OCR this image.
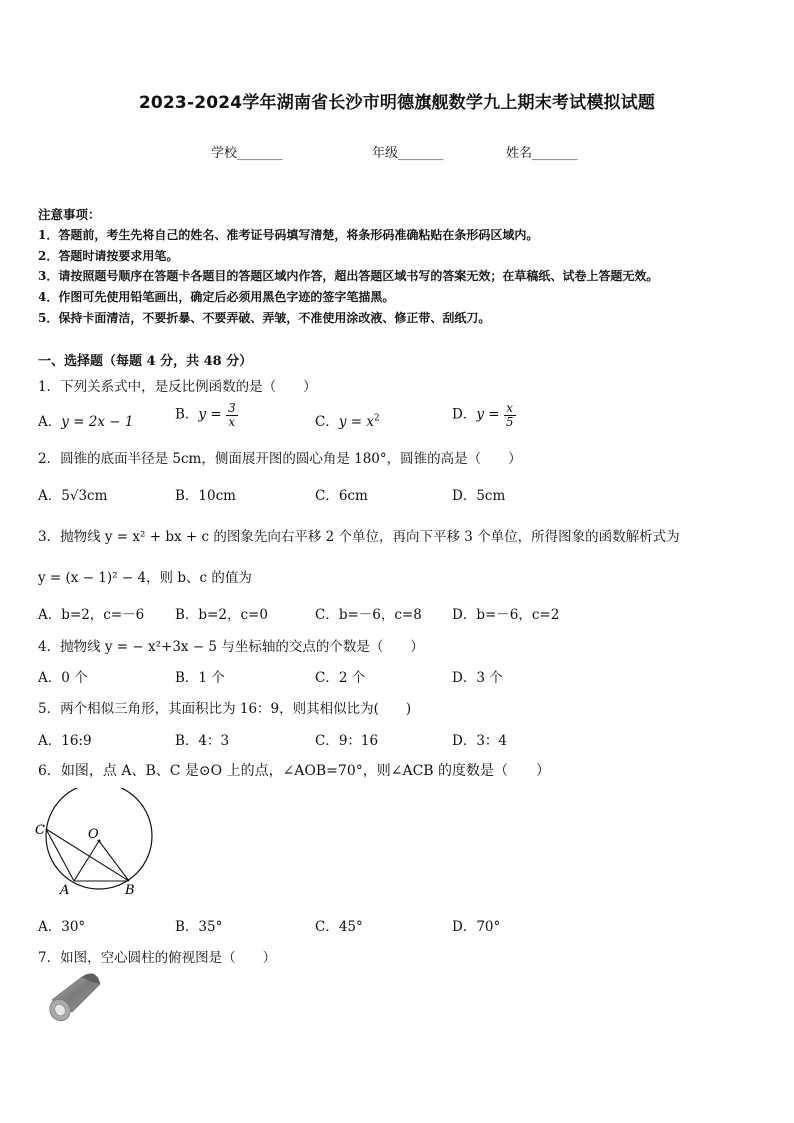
2023-2024学年湖南省长沙市明德旗舰数学九上期末考试模拟试题
学校_______	年级_______	姓名_______
注意事项：
1．答题前，考生先将自己的姓名、准考证号码填写清楚，将条形码准确粘贴在条形码区域内。
2．答题时请按要求用笔。
3．请按照题号顺序在答题卡各题目的答题区域内作答，超出答题区域书写的答案无效；在草稿纸、试卷上答题无效。
4．作图可先使用铅笔画出，确定后必须用黑色字迹的签字笔描黑。
5．保持卡面清洁，不要折暴、不要弄破、弄皱，不准使用涂改液、修正带、刮纸刀。
一、选择题（每题 4 分，共 48 分）
1．下列关系式中，是反比例函数的是（　　）
A．y = 2x − 1	B．$y = \frac{3}{x}$	C．$y = x^2$	D．$y = \frac{x}{5}$
2．圆锥的底面半径是 5cm，侧面展开图的圆心角是 180°，圆锥的高是（　　）
A．5√3cm	B．10cm	C．6cm	D．5cm
3．抛物线 y = x² + bx + c 的图象先向右平移 2 个单位，再向下平移 3 个单位，所得图象的函数解析式为
y = (x − 1)² − 4，则 b、c 的值为
A．b=2，c=－6 B．b=2，c=0	C．b=－6，c=8 D．b=－6，c=2
4．抛物线 y = − x²+3x − 5 与坐标轴的交点的个数是（　　）
A．0 个	B．1 个	C．2 个	D．3 个
5．两个相似三角形，其面积比为 16：9，则其相似比为(　　)
A．16:9	B．4：3	C．9：16	D．3：4
6．如图，点 A、B、C 是⊙O 上的点，∠AOB=70°，则∠ACB 的度数是（　　）
C	O
A	B
A．30°	B．35°	C．45°	D．70°
7．如图，空心圆柱的俯视图是（　　）
